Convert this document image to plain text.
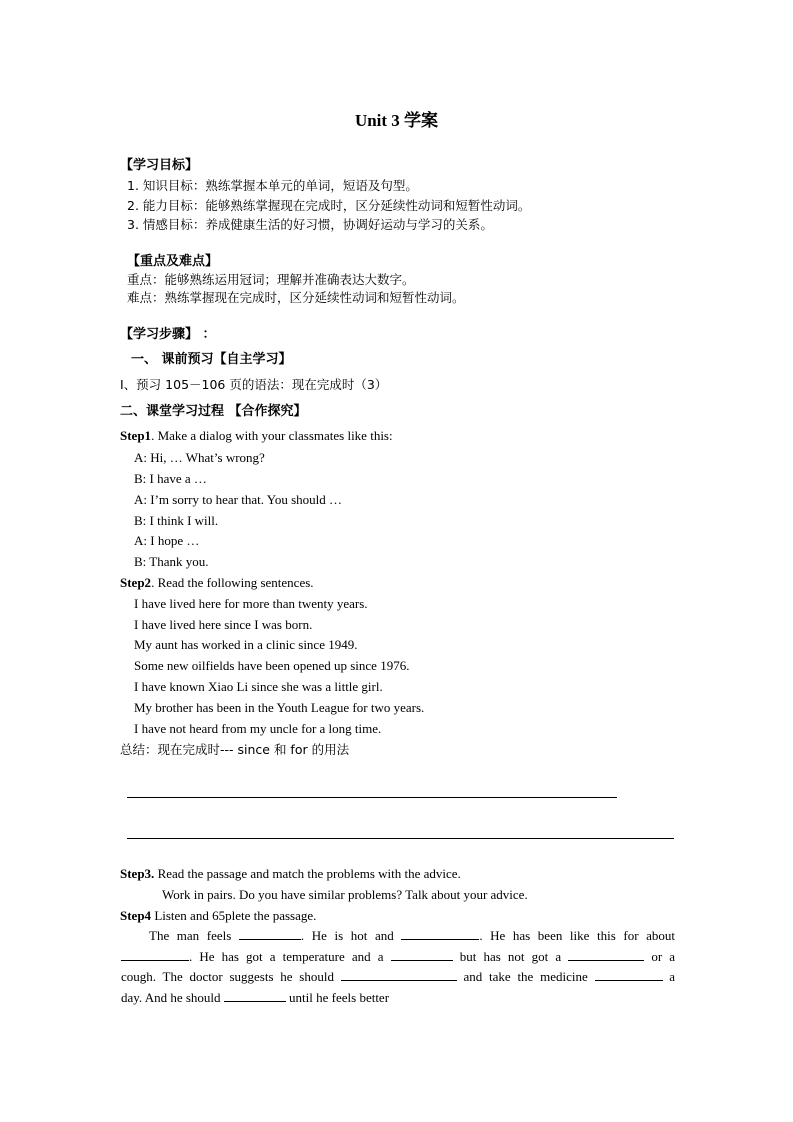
Unit 3 学案
【学习目标】
1. 知识目标：熟练掌握本单元的单词，短语及句型。
2. 能力目标：能够熟练掌握现在完成时，区分延续性动词和短暂性动词。
3. 情感目标：养成健康生活的好习惯，协调好运动与学习的关系。
【重点及难点】
重点：能够熟练运用冠词；理解并准确表达大数字。
难点：熟练掌握现在完成时，区分延续性动词和短暂性动词。
【学习步骤】 ：
一、 课前预习【自主学习】
I、预习 105－106 页的语法：现在完成时（3）
二、课堂学习过程 【合作探究】
Step1. Make a dialog with your classmates like this:
A: Hi, … What’s wrong?
B: I have a …
A: I’m sorry to hear that. You should …
B: I think I will.
A: I hope …
B: Thank you.
Step2. Read the following sentences.
I have lived here for more than twenty years.
I have lived here since I was born.
My aunt has worked in a clinic since 1949.
Some new oilfields have been opened up since 1976.
I have known Xiao Li since she was a little girl.
My brother has been in the Youth League for two years.
I have not heard from my uncle for a long time.
总结：现在完成时--- since 和 for 的用法
Step3. Read the passage and match the problems with the advice.
Work in pairs. Do you have similar problems? Talk about your advice.
Step4 Listen and 65plete the passage.
The man feels	. He is hot and	. He has been like this for about
. He has got a temperature and a	but has not got a	or a
cough. The doctor suggests he should	and take the medicine	a
day. And he should	until he feels better
